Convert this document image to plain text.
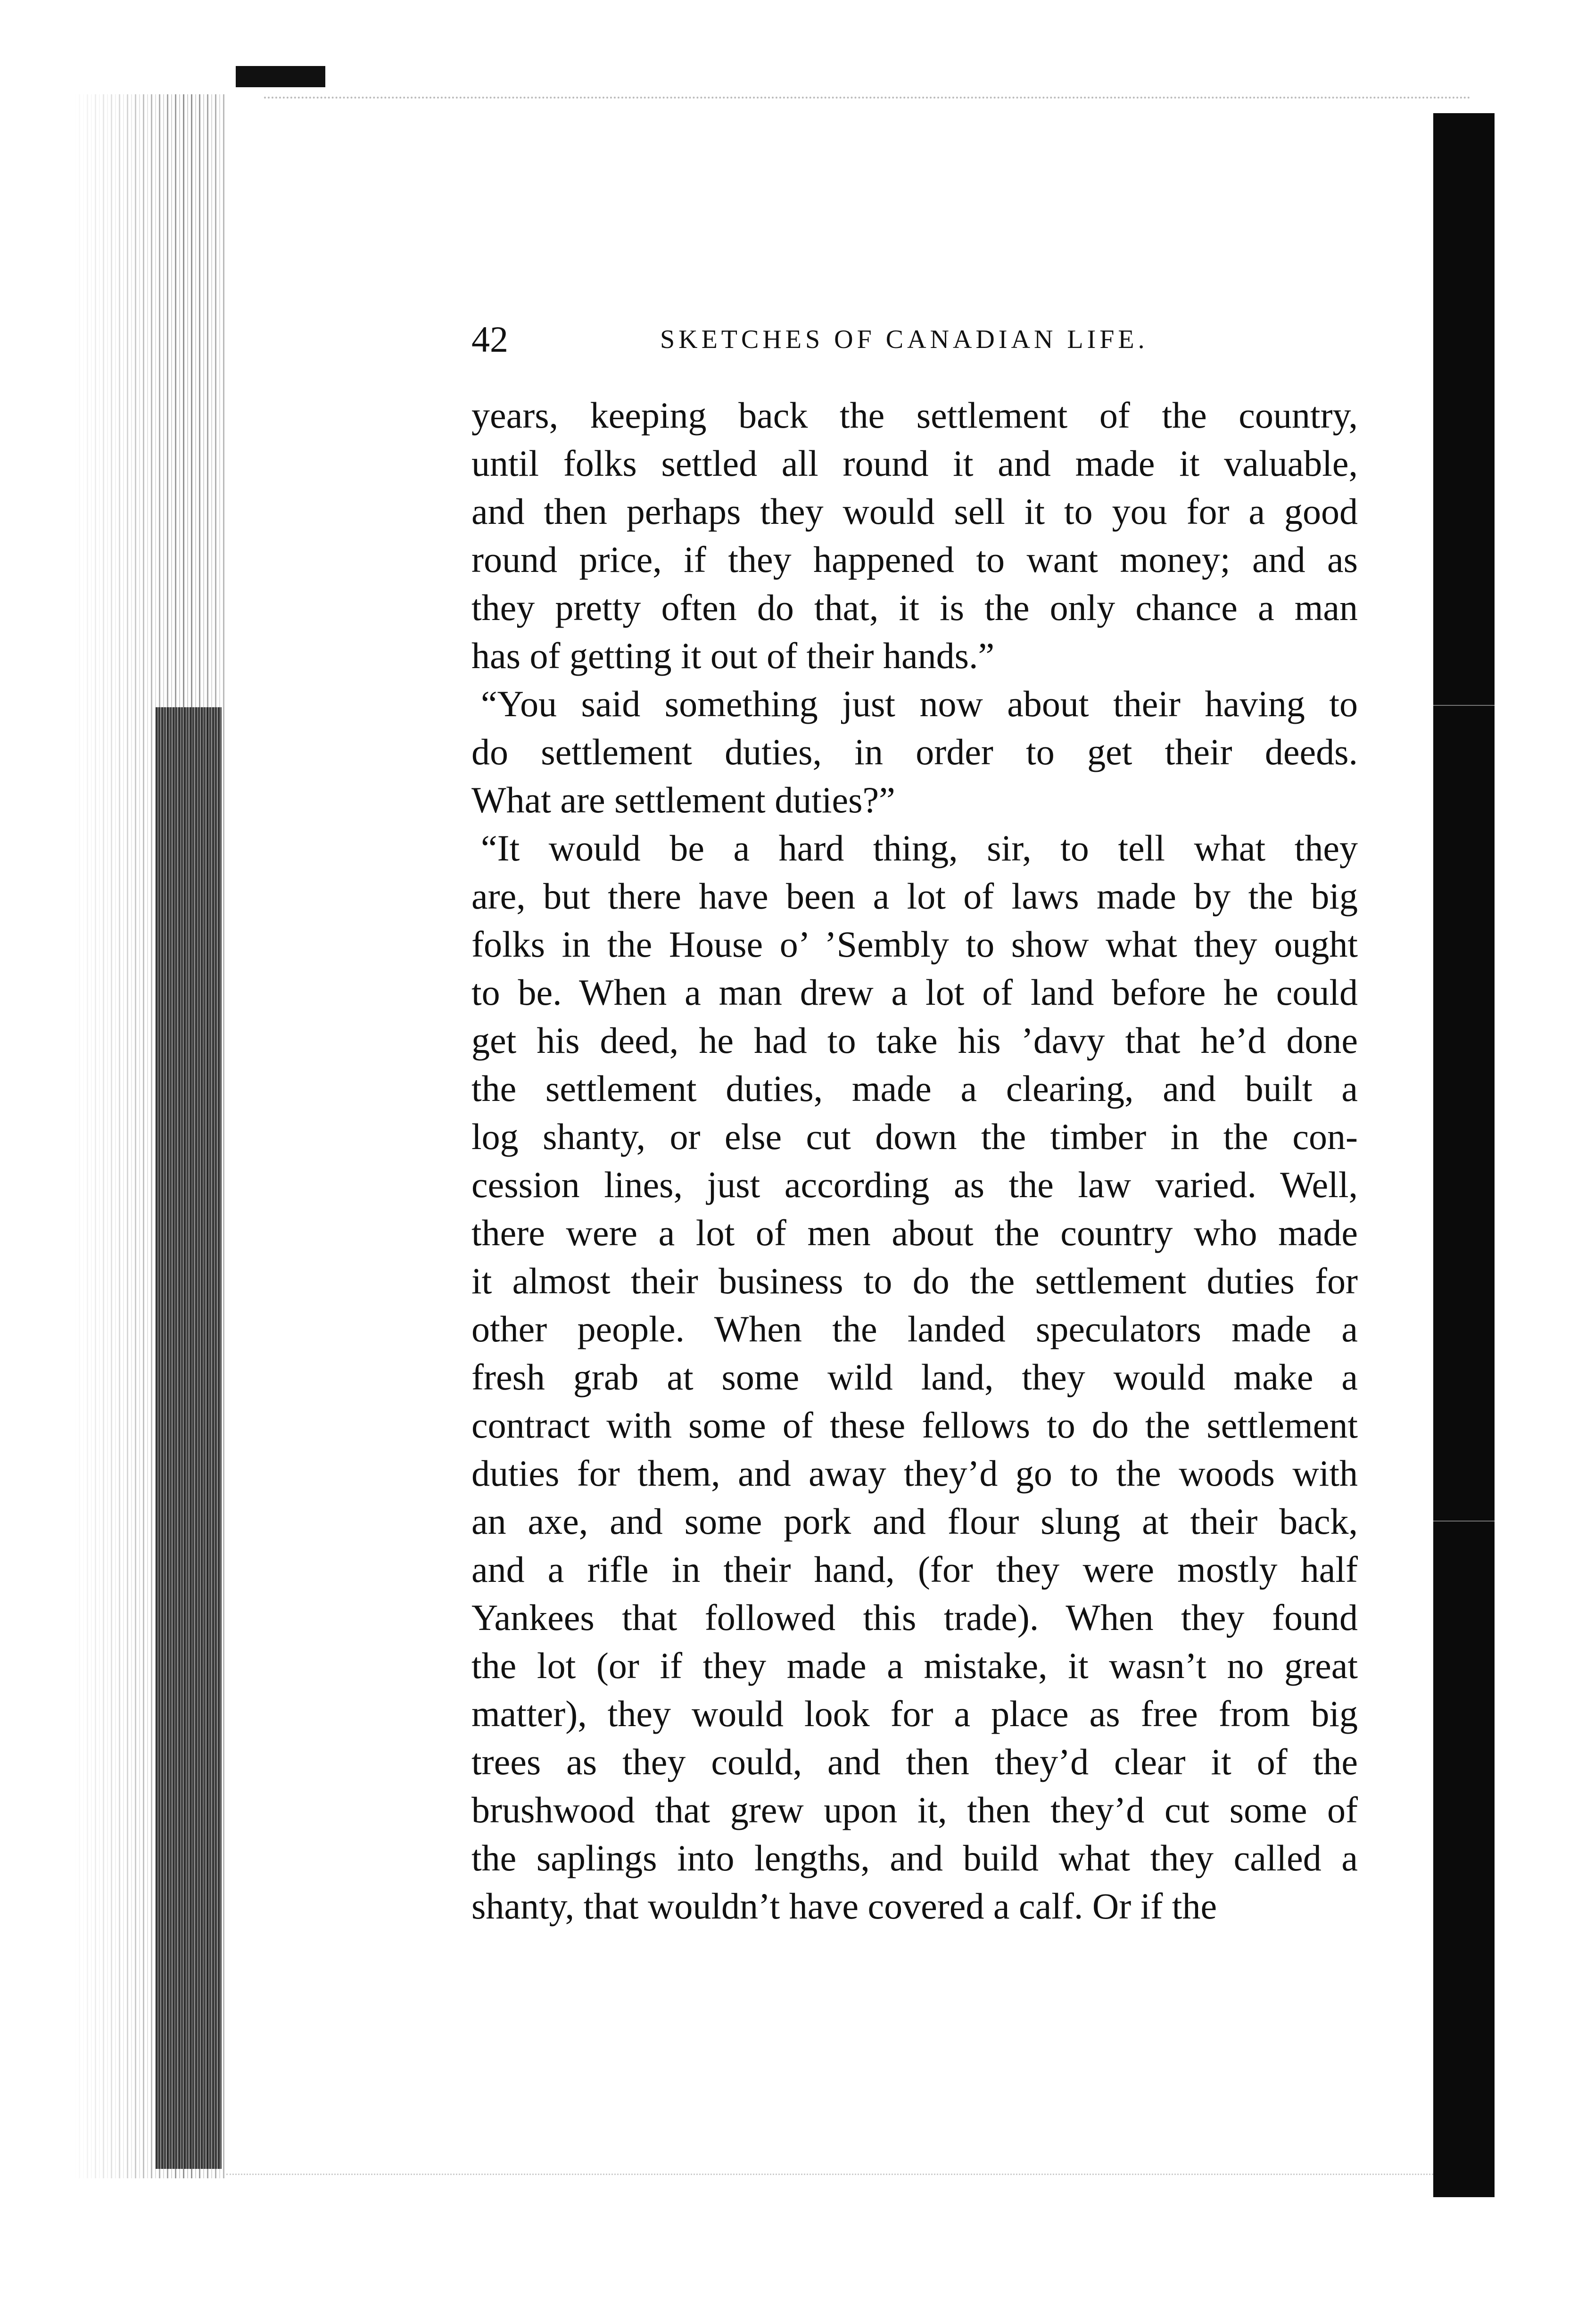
42	SKETCHES OF CANADIAN LIFE.
years, keeping back the settlement of the country,
until folks settled all round it and made it valuable,
and then perhaps they would sell it to you for a good
round price, if they happened to want money; and as
they pretty often do that, it is the only chance a man
has of getting it out of their hands.”
“You said something just now about their having to
do settlement duties, in order to get their deeds.
What are settlement duties?”
“It would be a hard thing, sir, to tell what they
are, but there have been a lot of laws made by the big
folks in the House o’ ’Sembly to show what they ought
to be. When a man drew a lot of land before he could
get his deed, he had to take his ’davy that he’d done
the settlement duties, made a clearing, and built a
log shanty, or else cut down the timber in the con-
cession lines, just according as the law varied. Well,
there were a lot of men about the country who made
it almost their business to do the settlement duties for
other people. When the landed speculators made a
fresh grab at some wild land, they would make a
contract with some of these fellows to do the settlement
duties for them, and away they’d go to the woods with
an axe, and some pork and flour slung at their back,
and a rifle in their hand, (for they were mostly half
Yankees that followed this trade). When they found
the lot (or if they made a mistake, it wasn’t no great
matter), they would look for a place as free from big
trees as they could, and then they’d clear it of the
brushwood that grew upon it, then they’d cut some of
the saplings into lengths, and build what they called a
shanty, that wouldn’t have covered a calf. Or if the
